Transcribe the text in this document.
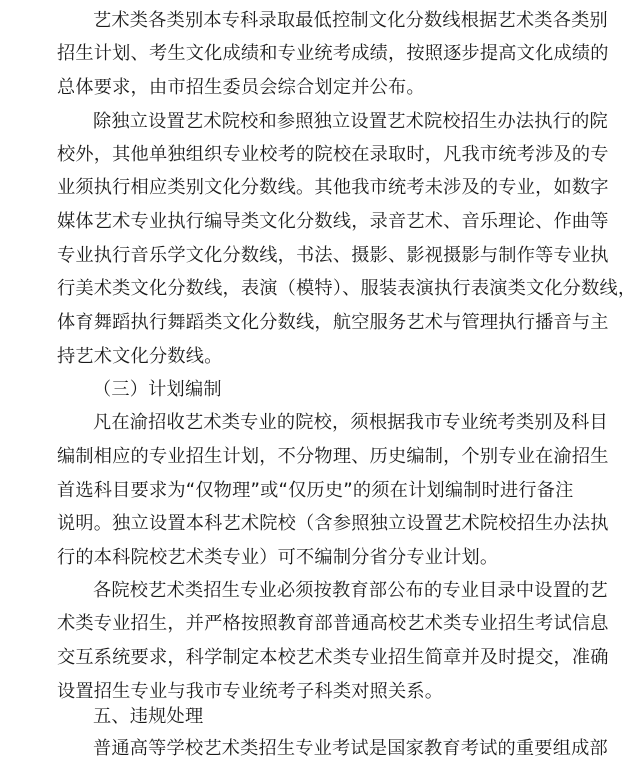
艺术类各类别本专科录取最低控制文化分数线根据艺术类各类别
招生计划、考生文化成绩和专业统考成绩，按照逐步提高文化成绩的
总体要求，由市招生委员会综合划定并公布。
除独立设置艺术院校和参照独立设置艺术院校招生办法执行的院
校外，其他单独组织专业校考的院校在录取时，凡我市统考涉及的专
业须执行相应类别文化分数线。其他我市统考未涉及的专业，如数字
媒体艺术专业执行编导类文化分数线，录音艺术、音乐理论、作曲等
专业执行音乐学文化分数线，书法、摄影、影视摄影与制作等专业执
行美术类文化分数线，表演（模特）、服装表演执行表演类文化分数线，
体育舞蹈执行舞蹈类文化分数线，航空服务艺术与管理执行播音与主
持艺术文化分数线。
（三）计划编制
凡在渝招收艺术类专业的院校，须根据我市专业统考类别及科目
编制相应的专业招生计划，不分物理、历史编制，个别专业在渝招生
首选科目要求为“仅物理”或“仅历史”的须在计划编制时进行备注
说明。独立设置本科艺术院校（含参照独立设置艺术院校招生办法执
行的本科院校艺术类专业）可不编制分省分专业计划。
各院校艺术类招生专业必须按教育部公布的专业目录中设置的艺
术类专业招生，并严格按照教育部普通高校艺术类专业招生考试信息
交互系统要求，科学制定本校艺术类专业招生简章并及时提交，准确
设置招生专业与我市专业统考子科类对照关系。
五、违规处理
普通高等学校艺术类招生专业考试是国家教育考试的重要组成部
